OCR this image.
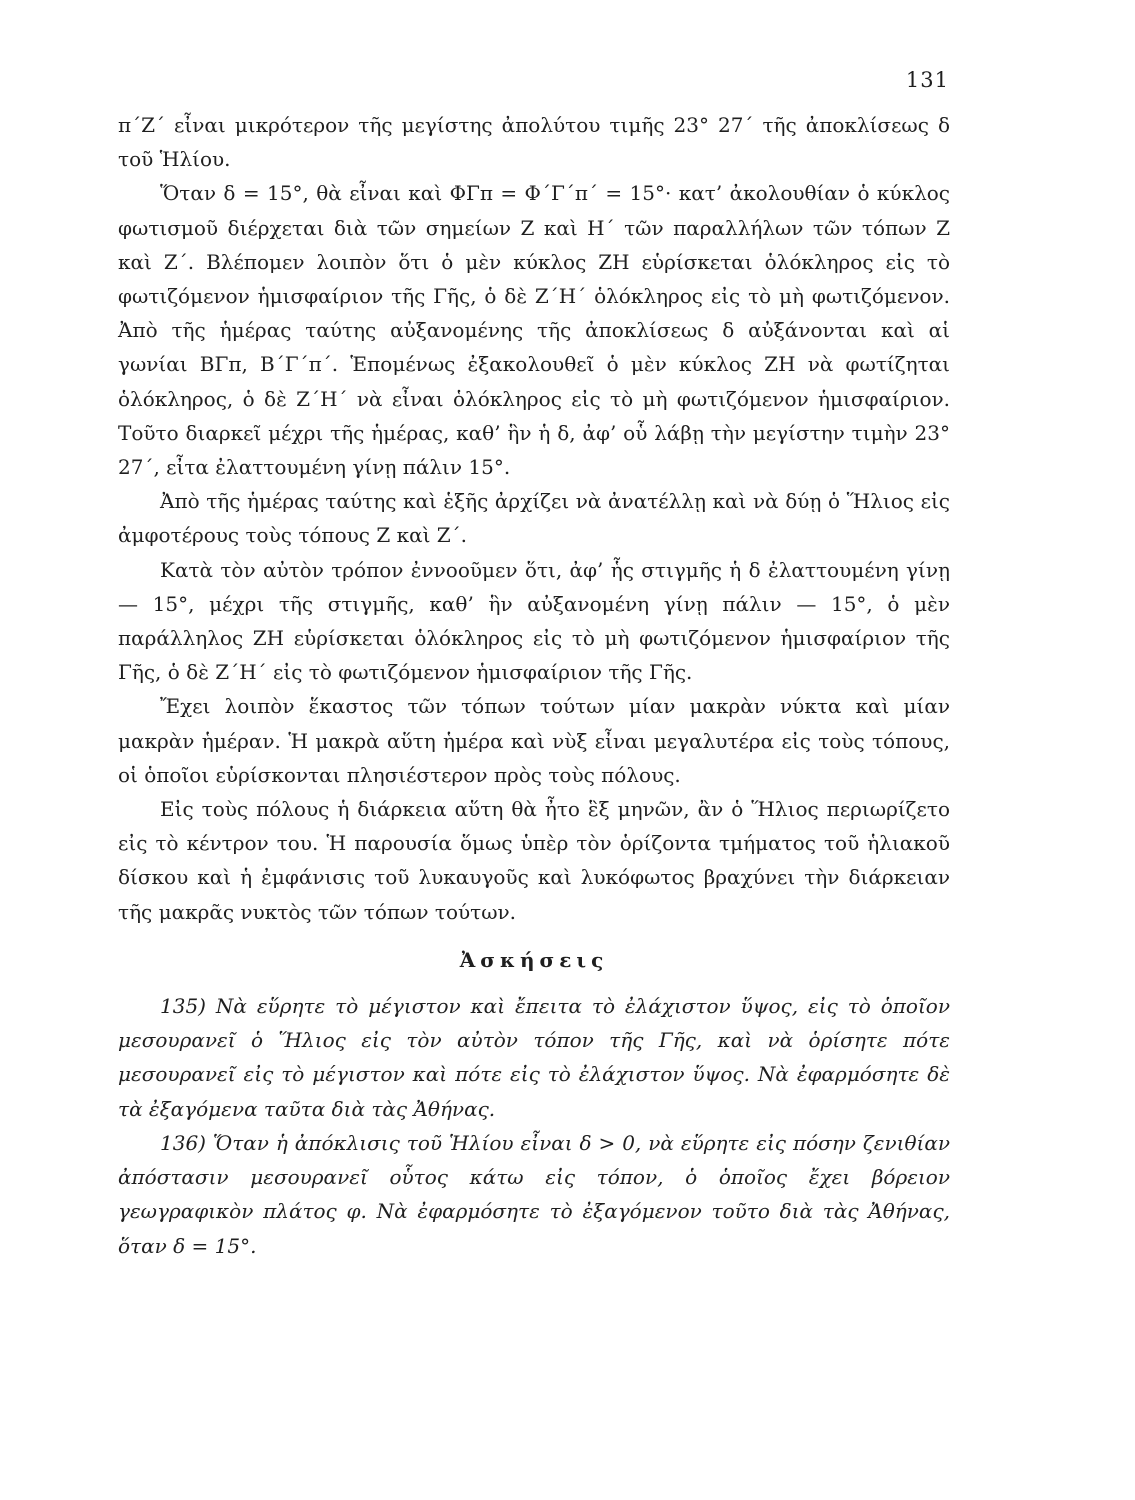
131

π΄Ζ΄ εἶναι μικρότερον τῆς μεγίστης ἀπολύτου τιμῆς 23° 27΄ τῆς ἀποκλίσεως δ τοῦ Ἡλίου.

Ὅταν δ = 15°, θὰ εἶναι καὶ ΦΓπ = Φ΄Γ΄π΄ = 15°· κατ’ ἀκολουθίαν ὁ κύκλος φωτισμοῦ διέρχεται διὰ τῶν σημείων Ζ καὶ Η΄ τῶν παραλλήλων τῶν τόπων Ζ καὶ Ζ΄. Βλέπομεν λοιπὸν ὅτι ὁ μὲν κύκλος ΖΗ εὑρίσκεται ὁλόκληρος εἰς τὸ φωτιζόμενον ἡμισφαίριον τῆς Γῆς, ὁ δὲ Ζ΄Η΄ ὁλόκληρος εἰς τὸ μὴ φωτιζόμενον. Ἀπὸ τῆς ἡμέρας ταύτης αὐξανομένης τῆς ἀποκλίσεως δ αὐξάνονται καὶ αἱ γωνίαι ΒΓπ, Β΄Γ΄π΄. Ἑπομένως ἐξακολουθεῖ ὁ μὲν κύκλος ΖΗ νὰ φωτίζηται ὁλόκληρος, ὁ δὲ Ζ΄Η΄ νὰ εἶναι ὁλόκληρος εἰς τὸ μὴ φωτιζόμενον ἡμισφαίριον. Τοῦτο διαρκεῖ μέχρι τῆς ἡμέρας, καθ’ ἣν ἡ δ, ἀφ’ οὗ λάβῃ τὴν μεγίστην τιμὴν 23° 27΄, εἶτα ἐλαττουμένη γίνῃ πάλιν 15°.

Ἀπὸ τῆς ἡμέρας ταύτης καὶ ἑξῆς ἀρχίζει νὰ ἀνατέλλῃ καὶ νὰ δύῃ ὁ Ἥλιος εἰς ἀμφοτέρους τοὺς τόπους Ζ καὶ Ζ΄.

Κατὰ τὸν αὐτὸν τρόπον ἐννοοῦμεν ὅτι, ἀφ’ ἧς στιγμῆς ἡ δ ἐλαττουμένη γίνῃ — 15°, μέχρι τῆς στιγμῆς, καθ’ ἣν αὐξανομένη γίνῃ πάλιν — 15°, ὁ μὲν παράλληλος ΖΗ εὑρίσκεται ὁλόκληρος εἰς τὸ μὴ φωτιζόμενον ἡμισφαίριον τῆς Γῆς, ὁ δὲ Ζ΄Η΄ εἰς τὸ φωτιζόμενον ἡμισφαίριον τῆς Γῆς.

Ἔχει λοιπὸν ἕκαστος τῶν τόπων τούτων μίαν μακρὰν νύκτα καὶ μίαν μακρὰν ἡμέραν. Ἡ μακρὰ αὕτη ἡμέρα καὶ νὺξ εἶναι μεγαλυτέρα εἰς τοὺς τόπους, οἱ ὁποῖοι εὑρίσκονται πλησιέστερον πρὸς τοὺς πόλους.

Εἰς τοὺς πόλους ἡ διάρκεια αὕτη θὰ ἦτο ἓξ μηνῶν, ἂν ὁ Ἥλιος περιωρίζετο εἰς τὸ κέντρον του. Ἡ παρουσία ὅμως ὑπὲρ τὸν ὁρίζοντα τμήματος τοῦ ἡλιακοῦ δίσκου καὶ ἡ ἐμφάνισις τοῦ λυκαυγοῦς καὶ λυκόφωτος βραχύνει τὴν διάρκειαν τῆς μακρᾶς νυκτὸς τῶν τόπων τούτων.

Ἀσκήσεις

135) Νὰ εὕρητε τὸ μέγιστον καὶ ἔπειτα τὸ ἐλάχιστον ὕψος, εἰς τὸ ὁποῖον μεσουρανεῖ ὁ Ἥλιος εἰς τὸν αὐτὸν τόπον τῆς Γῆς, καὶ νὰ ὁρίσητε πότε μεσουρανεῖ εἰς τὸ μέγιστον καὶ πότε εἰς τὸ ἐλάχιστον ὕψος. Νὰ ἐφαρμόσητε δὲ τὰ ἐξαγόμενα ταῦτα διὰ τὰς Ἀθήνας.

136) Ὅταν ἡ ἀπόκλισις τοῦ Ἡλίου εἶναι δ > 0, νὰ εὕρητε εἰς πόσην ζενιθίαν ἀπόστασιν μεσουρανεῖ οὗτος κάτω εἰς τόπον, ὁ ὁποῖος ἔχει βόρειον γεωγραφικὸν πλάτος φ. Νὰ ἐφαρμόσητε τὸ ἐξαγόμενον τοῦτο διὰ τὰς Ἀθήνας, ὅταν δ = 15°.
